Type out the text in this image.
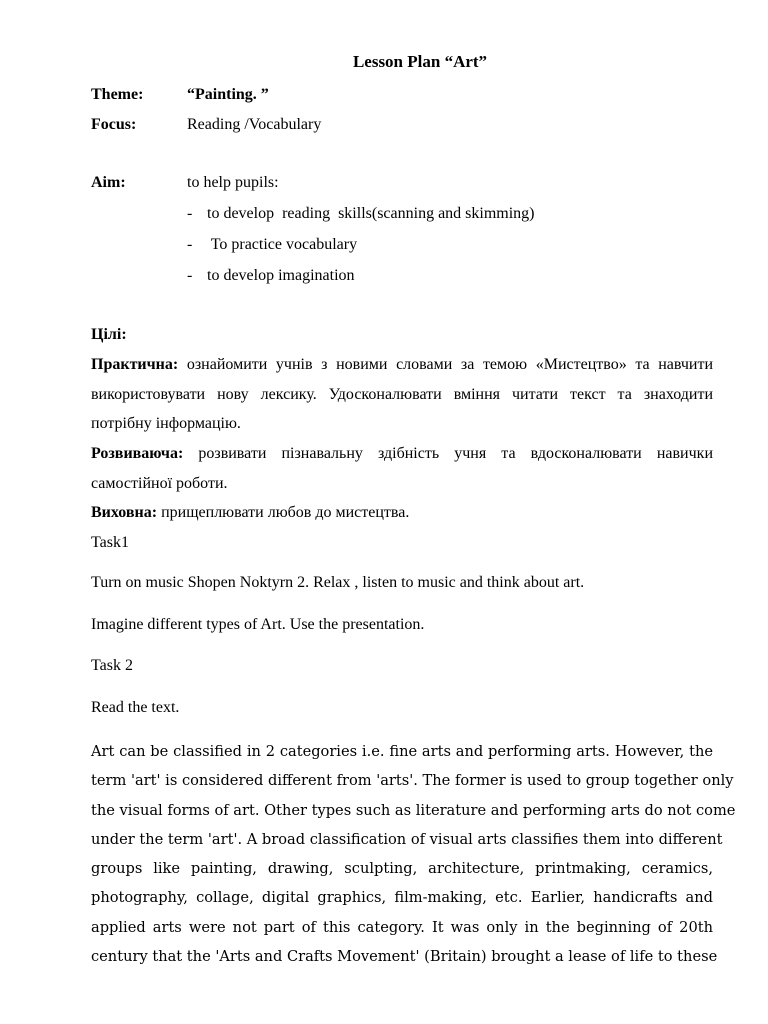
Lesson Plan “Art”
Theme:	“Painting. ”
Focus:	Reading /Vocabulary
Aim:	to help pupils:
- to develop  reading  skills(scanning and skimming)
- To practice vocabulary
- to develop imagination
Цілі:
Практична: ознайомити учнів з новими словами за темою «Мистецтво» та навчити використовувати нову лексику. Удосконалювати вміння читати текст та знаходити потрібну інформацію.
Розвиваюча: розвивати пізнавальну здібність учня та вдосконалювати навички самостійної роботи.
Виховна: прищеплювати любов до мистецтва.
Task1
Turn on music Shopen Noktyrn 2. Relax , listen to music and think about art.
Imagine different types of Art. Use the presentation.
Task 2
Read the text.
Art can be classified in 2 categories i.e. fine arts and performing arts. However, the
term 'art' is considered different from 'arts'. The former is used to group together only
the visual forms of art. Other types such as literature and performing arts do not come
under the term 'art'. A broad classification of visual arts classifies them into different
groups like painting, drawing, sculpting, architecture, printmaking, ceramics,
photography, collage, digital graphics, film-making, etc. Earlier, handicrafts and
applied arts were not part of this category. It was only in the beginning of 20th
century that the 'Arts and Crafts Movement' (Britain) brought a lease of life to these
